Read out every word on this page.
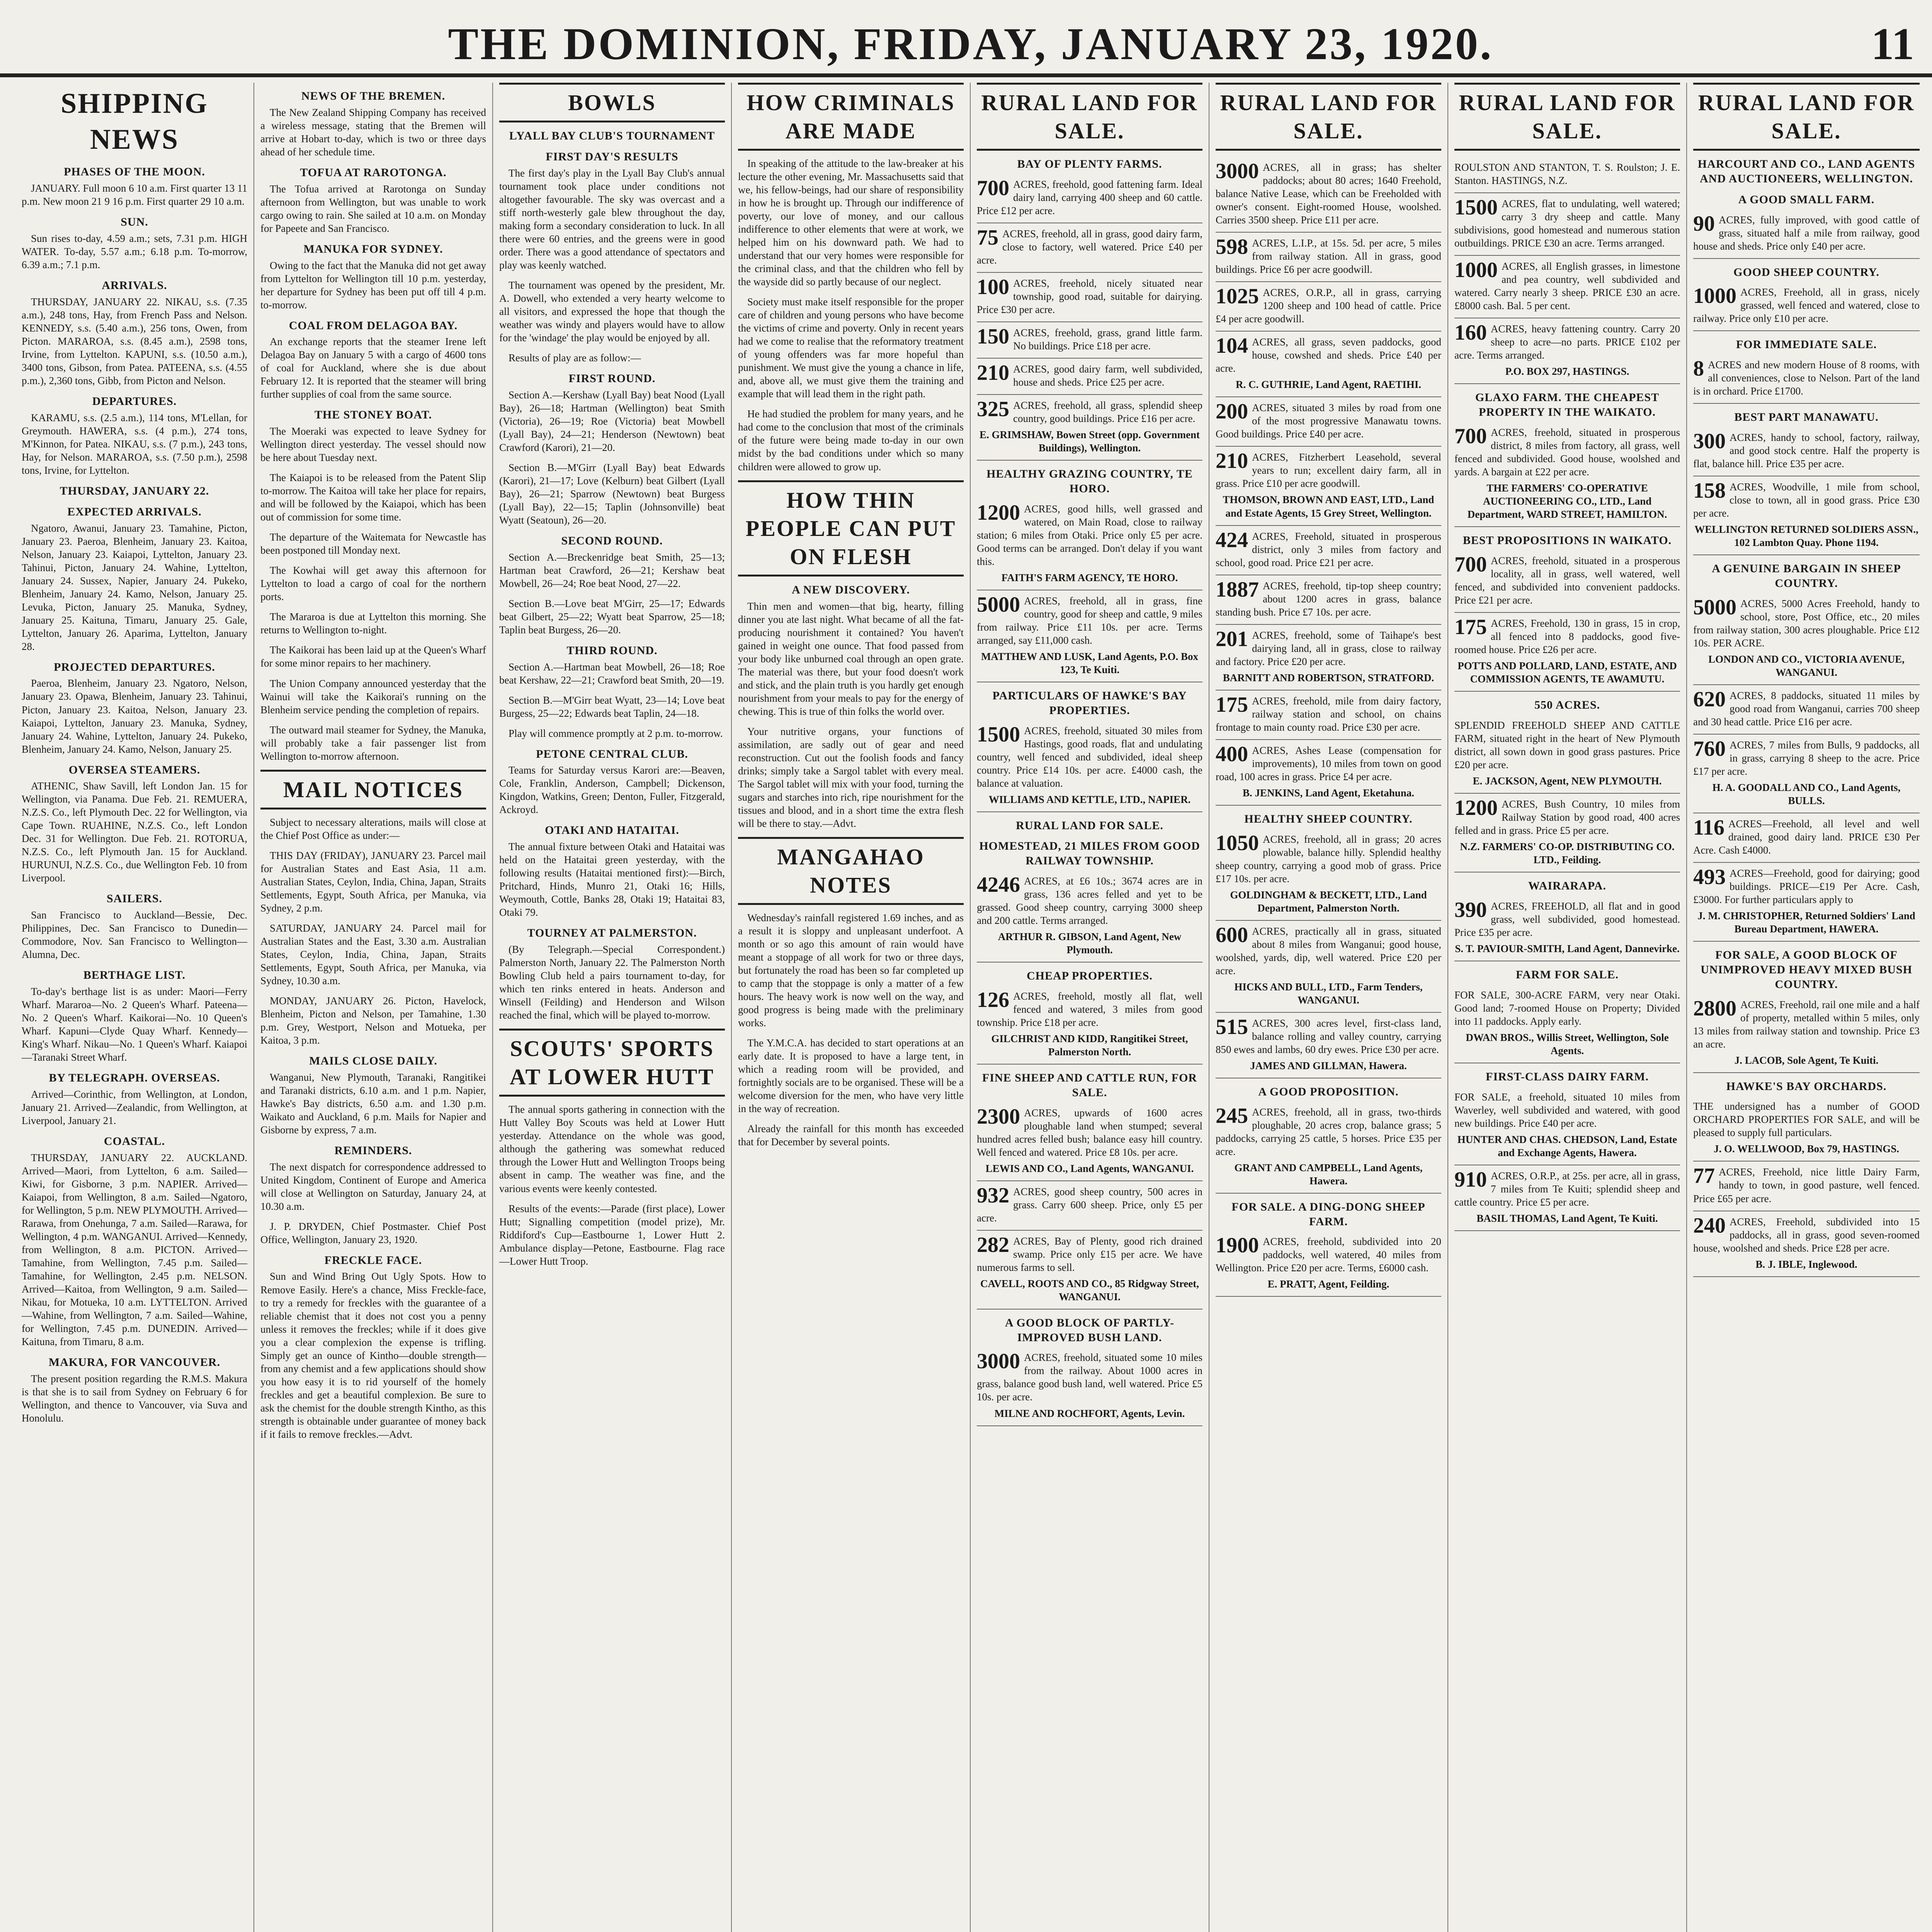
THE DOMINION, FRIDAY, JANUARY 23, 1920.	11
SHIPPING NEWS
PHASES OF THE MOON.

JANUARY. Full moon 6 10 a.m. First quarter 13 11 p.m. New moon 21 9 16 p.m. First quarter 29 10 a.m.

SUN.

Sun rises to-day, 4.59 a.m.; sets, 7.31 p.m. HIGH WATER. To-day, 5.57 a.m.; 6.18 p.m. To-morrow, 6.39 a.m.; 7.1 p.m.

ARRIVALS.

THURSDAY, JANUARY 22. NIKAU, s.s. (7.35 a.m.), 248 tons, Hay, from French Pass and Nelson. KENNEDY, s.s. (5.40 a.m.), 256 tons, Owen, from Picton. MARAROA, s.s. (8.45 a.m.), 2598 tons, Irvine, from Lyttelton. KAPUNI, s.s. (10.50 a.m.), 3400 tons, Gibson, from Patea. PATEENA, s.s. (4.55 p.m.), 2,360 tons, Gibb, from Picton and Nelson.

DEPARTURES.

KARAMU, s.s. (2.5 a.m.), 114 tons, M'Lellan, for Greymouth. HAWERA, s.s. (4 p.m.), 274 tons, M'Kinnon, for Patea. NIKAU, s.s. (7 p.m.), 243 tons, Hay, for Nelson. MARAROA, s.s. (7.50 p.m.), 2598 tons, Irvine, for Lyttelton.

THURSDAY, JANUARY 22.
EXPECTED ARRIVALS.

Ngatoro, Awanui, January 23. Tamahine, Picton, January 23. Paeroa, Blenheim, January 23. Kaitoa, Nelson, January 23. Kaiapoi, Lyttelton, January 23. Tahinui, Picton, January 24. Wahine, Lyttelton, January 24. Sussex, Napier, January 24. Pukeko, Blenheim, January 24. Kamo, Nelson, January 25. Levuka, Picton, January 25. Manuka, Sydney, January 25. Kaituna, Timaru, January 25. Gale, Lyttelton, January 26. Aparima, Lyttelton, January 28.

PROJECTED DEPARTURES.

Paeroa, Blenheim, January 23. Ngatoro, Nelson, January 23. Opawa, Blenheim, January 23. Tahinui, Picton, January 23. Kaitoa, Nelson, January 23. Kaiapoi, Lyttelton, January 23. Manuka, Sydney, January 24. Wahine, Lyttelton, January 24. Pukeko, Blenheim, January 24. Kamo, Nelson, January 25.

OVERSEA STEAMERS.

ATHENIC, Shaw Savill, left London Jan. 15 for Wellington, via Panama. Due Feb. 21. REMUERA, N.Z.S. Co., left Plymouth Dec. 22 for Wellington, via Cape Town. RUAHINE, N.Z.S. Co., left London Dec. 31 for Wellington. Due Feb. 21. ROTORUA, N.Z.S. Co., left Plymouth Jan. 15 for Auckland. HURUNUI, N.Z.S. Co., due Wellington Feb. 10 from Liverpool.

SAILERS.

San Francisco to Auckland—Bessie, Dec. Philippines, Dec. San Francisco to Dunedin—Commodore, Nov. San Francisco to Wellington—Alumna, Dec.

BERTHAGE LIST.

To-day's berthage list is as under: Maori—Ferry Wharf. Mararoa—No. 2 Queen's Wharf. Pateena—No. 2 Queen's Wharf. Kaikorai—No. 10 Queen's Wharf. Kapuni—Clyde Quay Wharf. Kennedy—King's Wharf. Nikau—No. 1 Queen's Wharf. Kaiapoi—Taranaki Street Wharf.

BY TELEGRAPH. OVERSEAS.

Arrived—Corinthic, from Wellington, at London, January 21. Arrived—Zealandic, from Wellington, at Liverpool, January 21.

COASTAL.

THURSDAY, JANUARY 22. AUCKLAND. Arrived—Maori, from Lyttelton, 6 a.m. Sailed—Kiwi, for Gisborne, 3 p.m. NAPIER. Arrived—Kaiapoi, from Wellington, 8 a.m. Sailed—Ngatoro, for Wellington, 5 p.m. NEW PLYMOUTH. Arrived—Rarawa, from Onehunga, 7 a.m. Sailed—Rarawa, for Wellington, 4 p.m. WANGANUI. Arrived—Kennedy, from Wellington, 8 a.m. PICTON. Arrived—Tamahine, from Wellington, 7.45 p.m. Sailed—Tamahine, for Wellington, 2.45 p.m. NELSON. Arrived—Kaitoa, from Wellington, 9 a.m. Sailed—Nikau, for Motueka, 10 a.m. LYTTELTON. Arrived—Wahine, from Wellington, 7 a.m. Sailed—Wahine, for Wellington, 7.45 p.m. DUNEDIN. Arrived—Kaituna, from Timaru, 8 a.m.

MAKURA, FOR VANCOUVER.

The present position regarding the R.M.S. Makura is that she is to sail from Sydney on February 6 for Wellington, and thence to Vancouver, via Suva and Honolulu.

NEWS OF THE BREMEN.

The New Zealand Shipping Company has received a wireless message, stating that the Bremen will arrive at Hobart to-day, which is two or three days ahead of her schedule time.

TOFUA AT RAROTONGA.

The Tofua arrived at Rarotonga on Sunday afternoon from Wellington, but was unable to work cargo owing to rain. She sailed at 10 a.m. on Monday for Papeete and San Francisco.

MANUKA FOR SYDNEY.

Owing to the fact that the Manuka did not get away from Lyttelton for Wellington till 10 p.m. yesterday, her departure for Sydney has been put off till 4 p.m. to-morrow.

COAL FROM DELAGOA BAY.

An exchange reports that the steamer Irene left Delagoa Bay on January 5 with a cargo of 4600 tons of coal for Auckland, where she is due about February 12. It is reported that the steamer will bring further supplies of coal from the same source.

THE STONEY BOAT.

The Moeraki was expected to leave Sydney for Wellington direct yesterday. The vessel should now be here about Tuesday next.

The Kaiapoi is to be released from the Patent Slip to-morrow. The Kaitoa will take her place for repairs, and will be followed by the Kaiapoi, which has been out of commission for some time.

The departure of the Waitemata for Newcastle has been postponed till Monday next.

The Kowhai will get away this afternoon for Lyttelton to load a cargo of coal for the northern ports.

The Mararoa is due at Lyttelton this morning. She returns to Wellington to-night.

The Kaikorai has been laid up at the Queen's Wharf for some minor repairs to her machinery.

The Union Company announced yesterday that the Wainui will take the Kaikorai's running on the Blenheim service pending the completion of repairs.

The outward mail steamer for Sydney, the Manuka, will probably take a fair passenger list from Wellington to-morrow afternoon.

MAIL NOTICES

Subject to necessary alterations, mails will close at the Chief Post Office as under:—

THIS DAY (FRIDAY), JANUARY 23. Parcel mail for Australian States and East Asia, 11 a.m. Australian States, Ceylon, India, China, Japan, Straits Settlements, Egypt, South Africa, per Manuka, via Sydney, 2 p.m.

SATURDAY, JANUARY 24. Parcel mail for Australian States and the East, 3.30 a.m. Australian States, Ceylon, India, China, Japan, Straits Settlements, Egypt, South Africa, per Manuka, via Sydney, 10.30 a.m.

MONDAY, JANUARY 26. Picton, Havelock, Blenheim, Picton and Nelson, per Tamahine, 1.30 p.m. Grey, Westport, Nelson and Motueka, per Kaitoa, 3 p.m.

MAILS CLOSE DAILY.

Wanganui, New Plymouth, Taranaki, Rangitikei and Taranaki districts, 6.10 a.m. and 1 p.m. Napier, Hawke's Bay districts, 6.50 a.m. and 1.30 p.m. Waikato and Auckland, 6 p.m. Mails for Napier and Gisborne by express, 7 a.m.

REMINDERS.

The next dispatch for correspondence addressed to United Kingdom, Continent of Europe and America will close at Wellington on Saturday, January 24, at 10.30 a.m.

J. P. DRYDEN, Chief Postmaster. Chief Post Office, Wellington, January 23, 1920.

FRECKLE FACE.

Sun and Wind Bring Out Ugly Spots. How to Remove Easily. Here's a chance, Miss Freckle-face, to try a remedy for freckles with the guarantee of a reliable chemist that it does not cost you a penny unless it removes the freckles; while if it does give you a clear complexion the expense is trifling. Simply get an ounce of Kintho—double strength—from any chemist and a few applications should show you how easy it is to rid yourself of the homely freckles and get a beautiful complexion. Be sure to ask the chemist for the double strength Kintho, as this strength is obtainable under guarantee of money back if it fails to remove freckles.—Advt.

BOWLS
LYALL BAY CLUB'S TOURNAMENT
FIRST DAY'S RESULTS

The first day's play in the Lyall Bay Club's annual tournament took place under conditions not altogether favourable. The sky was overcast and a stiff north-westerly gale blew throughout the day, making form a secondary consideration to luck. In all there were 60 entries, and the greens were in good order. There was a good attendance of spectators and play was keenly watched.

The tournament was opened by the president, Mr. A. Dowell, who extended a very hearty welcome to all visitors, and expressed the hope that though the weather was windy and players would have to allow for the 'windage' the play would be enjoyed by all.

Results of play are as follow:—

FIRST ROUND.

Section A.—Kershaw (Lyall Bay) beat Nood (Lyall Bay), 26—18; Hartman (Wellington) beat Smith (Victoria), 26—19; Roe (Victoria) beat Mowbell (Lyall Bay), 24—21; Henderson (Newtown) beat Crawford (Karori), 21—20.

Section B.—M'Girr (Lyall Bay) beat Edwards (Karori), 21—17; Love (Kelburn) beat Gilbert (Lyall Bay), 26—21; Sparrow (Newtown) beat Burgess (Lyall Bay), 22—15; Taplin (Johnsonville) beat Wyatt (Seatoun), 26—20.

SECOND ROUND.

Section A.—Breckenridge beat Smith, 25—13; Hartman beat Crawford, 26—21; Kershaw beat Mowbell, 26—24; Roe beat Nood, 27—22.

Section B.—Love beat M'Girr, 25—17; Edwards beat Gilbert, 25—22; Wyatt beat Sparrow, 25—18; Taplin beat Burgess, 26—20.

THIRD ROUND.

Section A.—Hartman beat Mowbell, 26—18; Roe beat Kershaw, 22—21; Crawford beat Smith, 20—19.

Section B.—M'Girr beat Wyatt, 23—14; Love beat Burgess, 25—22; Edwards beat Taplin, 24—18.

Play will commence promptly at 2 p.m. to-morrow.

PETONE CENTRAL CLUB.

Teams for Saturday versus Karori are:—Beaven, Cole, Franklin, Anderson, Campbell; Dickenson, Kingdon, Watkins, Green; Denton, Fuller, Fitzgerald, Ackroyd.

OTAKI AND HATAITAI.

The annual fixture between Otaki and Hataitai was held on the Hataitai green yesterday, with the following results (Hataitai mentioned first):—Birch, Pritchard, Hinds, Munro 21, Otaki 16; Hills, Weymouth, Cottle, Banks 28, Otaki 19; Hataitai 83, Otaki 79.

TOURNEY AT PALMERSTON.

(By Telegraph.—Special Correspondent.) Palmerston North, January 22. The Palmerston North Bowling Club held a pairs tournament to-day, for which ten rinks entered in heats. Anderson and Winsell (Feilding) and Henderson and Wilson reached the final, which will be played to-morrow.

SCOUTS' SPORTS AT LOWER HUTT

The annual sports gathering in connection with the Hutt Valley Boy Scouts was held at Lower Hutt yesterday. Attendance on the whole was good, although the gathering was somewhat reduced through the Lower Hutt and Wellington Troops being absent in camp. The weather was fine, and the various events were keenly contested.

Results of the events:—Parade (first place), Lower Hutt; Signalling competition (model prize), Mr. Riddiford's Cup—Eastbourne 1, Lower Hutt 2. Ambulance display—Petone, Eastbourne. Flag race—Lower Hutt Troop.

HOW CRIMINALS ARE MADE

In speaking of the attitude to the law-breaker at his lecture the other evening, Mr. Massachusetts said that we, his fellow-beings, had our share of responsibility in how he is brought up. Through our indifference of poverty, our love of money, and our callous indifference to other elements that were at work, we helped him on his downward path. We had to understand that our very homes were responsible for the criminal class, and that the children who fell by the wayside did so partly because of our neglect.

Society must make itself responsible for the proper care of children and young persons who have become the victims of crime and poverty. Only in recent years had we come to realise that the reformatory treatment of young offenders was far more hopeful than punishment. We must give the young a chance in life, and, above all, we must give them the training and example that will lead them in the right path.

He had studied the problem for many years, and he had come to the conclusion that most of the criminals of the future were being made to-day in our own midst by the bad conditions under which so many children were allowed to grow up.

HOW THIN PEOPLE CAN PUT ON FLESH
A NEW DISCOVERY.

Thin men and women—that big, hearty, filling dinner you ate last night. What became of all the fat-producing nourishment it contained? You haven't gained in weight one ounce. That food passed from your body like unburned coal through an open grate. The material was there, but your food doesn't work and stick, and the plain truth is you hardly get enough nourishment from your meals to pay for the energy of chewing. This is true of thin folks the world over.

Your nutritive organs, your functions of assimilation, are sadly out of gear and need reconstruction. Cut out the foolish foods and fancy drinks; simply take a Sargol tablet with every meal. The Sargol tablet will mix with your food, turning the sugars and starches into rich, ripe nourishment for the tissues and blood, and in a short time the extra flesh will be there to stay.—Advt.

MANGAHAO NOTES

Wednesday's rainfall registered 1.69 inches, and as a result it is sloppy and unpleasant underfoot. A month or so ago this amount of rain would have meant a stoppage of all work for two or three days, but fortunately the road has been so far completed up to camp that the stoppage is only a matter of a few hours. The heavy work is now well on the way, and good progress is being made with the preliminary works.

The Y.M.C.A. has decided to start operations at an early date. It is proposed to have a large tent, in which a reading room will be provided, and fortnightly socials are to be organised. These will be a welcome diversion for the men, who have very little in the way of recreation.

Already the rainfall for this month has exceeded that for December by several points.

RURAL LAND FOR SALE.
BAY OF PLENTY FARMS.
700 ACRES, freehold, good fattening farm. Ideal dairy land, carrying 400 sheep and 60 cattle. Price £12 per acre.
75 ACRES, freehold, all in grass, good dairy farm, close to factory, well watered. Price £40 per acre.
100 ACRES, freehold, nicely situated near township, good road, suitable for dairying. Price £30 per acre.
150 ACRES, freehold, grass, grand little farm. No buildings. Price £18 per acre.
210 ACRES, good dairy farm, well subdivided, house and sheds. Price £25 per acre.
325 ACRES, freehold, all grass, splendid sheep country, good buildings. Price £16 per acre.
E. GRIMSHAW, Bowen Street (opp. Government Buildings), Wellington.
HEALTHY GRAZING COUNTRY, TE HORO.
1200 ACRES, good hills, well grassed and watered, on Main Road, close to railway station; 6 miles from Otaki. Price only £5 per acre. Good terms can be arranged. Don't delay if you want this.
FAITH'S FARM AGENCY, TE HORO.
5000 ACRES, freehold, all in grass, fine country, good for sheep and cattle, 9 miles from railway. Price £11 10s. per acre. Terms arranged, say £11,000 cash.
MATTHEW AND LUSK, Land Agents, P.O. Box 123, Te Kuiti.
PARTICULARS OF HAWKE'S BAY PROPERTIES.
1500 ACRES, freehold, situated 30 miles from Hastings, good roads, flat and undulating country, well fenced and subdivided, ideal sheep country. Price £14 10s. per acre. £4000 cash, the balance at valuation.
WILLIAMS AND KETTLE, LTD., NAPIER.
RURAL LAND FOR SALE.
HOMESTEAD, 21 MILES FROM GOOD RAILWAY TOWNSHIP.
4246 ACRES, at £6 10s.; 3674 acres are in grass, 136 acres felled and yet to be grassed. Good sheep country, carrying 3000 sheep and 200 cattle. Terms arranged.
ARTHUR R. GIBSON, Land Agent, New Plymouth.
CHEAP PROPERTIES.
126 ACRES, freehold, mostly all flat, well fenced and watered, 3 miles from good township. Price £18 per acre.
GILCHRIST AND KIDD, Rangitikei Street, Palmerston North.
FINE SHEEP AND CATTLE RUN, FOR SALE.
2300 ACRES, upwards of 1600 acres ploughable land when stumped; several hundred acres felled bush; balance easy hill country. Well fenced and watered. Price £8 10s. per acre.
LEWIS AND CO., Land Agents, WANGANUI.
932 ACRES, good sheep country, 500 acres in grass. Carry 600 sheep. Price, only £5 per acre.
282 ACRES, Bay of Plenty, good rich drained swamp. Price only £15 per acre. We have numerous farms to sell.
CAVELL, ROOTS AND CO., 85 Ridgway Street, WANGANUI.
A GOOD BLOCK OF PARTLY-IMPROVED BUSH LAND.
3000 ACRES, freehold, situated some 10 miles from the railway. About 1000 acres in grass, balance good bush land, well watered. Price £5 10s. per acre.
MILNE AND ROCHFORT, Agents, Levin.
RURAL LAND FOR SALE.
3000 ACRES, all in grass; has shelter paddocks; about 80 acres; 1640 Freehold, balance Native Lease, which can be Freeholded with owner's consent. Eight-roomed House, woolshed. Carries 3500 sheep. Price £11 per acre.
598 ACRES, L.I.P., at 15s. 5d. per acre, 5 miles from railway station. All in grass, good buildings. Price £6 per acre goodwill.
1025 ACRES, O.R.P., all in grass, carrying 1200 sheep and 100 head of cattle. Price £4 per acre goodwill.
104 ACRES, all grass, seven paddocks, good house, cowshed and sheds. Price £40 per acre.
R. C. GUTHRIE, Land Agent, RAETIHI.
200 ACRES, situated 3 miles by road from one of the most progressive Manawatu towns. Good buildings. Price £40 per acre.
210 ACRES, Fitzherbert Leasehold, several years to run; excellent dairy farm, all in grass. Price £10 per acre goodwill.
THOMSON, BROWN AND EAST, LTD., Land and Estate Agents, 15 Grey Street, Wellington.
424 ACRES, Freehold, situated in prosperous district, only 3 miles from factory and school, good road. Price £21 per acre.
1887 ACRES, freehold, tip-top sheep country; about 1200 acres in grass, balance standing bush. Price £7 10s. per acre.
201 ACRES, freehold, some of Taihape's best dairying land, all in grass, close to railway and factory. Price £20 per acre.
BARNITT AND ROBERTSON, STRATFORD.
175 ACRES, freehold, mile from dairy factory, railway station and school, on chains frontage to main county road. Price £30 per acre.
400 ACRES, Ashes Lease (compensation for improvements), 10 miles from town on good road, 100 acres in grass. Price £4 per acre.
B. JENKINS, Land Agent, Eketahuna.
HEALTHY SHEEP COUNTRY.
1050 ACRES, freehold, all in grass; 20 acres plowable, balance hilly. Splendid healthy sheep country, carrying a good mob of grass. Price £17 10s. per acre.
GOLDINGHAM & BECKETT, LTD., Land Department, Palmerston North.
600 ACRES, practically all in grass, situated about 8 miles from Wanganui; good house, woolshed, yards, dip, well watered. Price £20 per acre.
HICKS AND BULL, LTD., Farm Tenders, WANGANUI.
515 ACRES, 300 acres level, first-class land, balance rolling and valley country, carrying 850 ewes and lambs, 60 dry ewes. Price £30 per acre.
JAMES AND GILLMAN, Hawera.
A GOOD PROPOSITION.
245 ACRES, freehold, all in grass, two-thirds ploughable, 20 acres crop, balance grass; 5 paddocks, carrying 25 cattle, 5 horses. Price £35 per acre.
GRANT AND CAMPBELL, Land Agents, Hawera.
FOR SALE. A DING-DONG SHEEP FARM.
1900 ACRES, freehold, subdivided into 20 paddocks, well watered, 40 miles from Wellington. Price £20 per acre. Terms, £6000 cash.
E. PRATT, Agent, Feilding.
RURAL LAND FOR SALE.
ROULSTON AND STANTON, T. S. Roulston; J. E. Stanton. HASTINGS, N.Z.
1500 ACRES, flat to undulating, well watered; carry 3 dry sheep and cattle. Many subdivisions, good homestead and numerous station outbuildings. PRICE £30 an acre. Terms arranged.
1000 ACRES, all English grasses, in limestone and pea country, well subdivided and watered. Carry nearly 3 sheep. PRICE £30 an acre. £8000 cash. Bal. 5 per cent.
160 ACRES, heavy fattening country. Carry 20 sheep to acre—no parts. PRICE £102 per acre. Terms arranged.
P.O. BOX 297, HASTINGS.
GLAXO FARM. THE CHEAPEST PROPERTY IN THE WAIKATO.
700 ACRES, freehold, situated in prosperous district, 8 miles from factory, all grass, well fenced and subdivided. Good house, woolshed and yards. A bargain at £22 per acre.
THE FARMERS' CO-OPERATIVE AUCTIONEERING CO., LTD., Land Department, WARD STREET, HAMILTON.
BEST PROPOSITIONS IN WAIKATO.
700 ACRES, freehold, situated in a prosperous locality, all in grass, well watered, well fenced, and subdivided into convenient paddocks. Price £21 per acre.
175 ACRES, Freehold, 130 in grass, 15 in crop, all fenced into 8 paddocks, good five-roomed house. Price £26 per acre.
POTTS AND POLLARD, LAND, ESTATE, AND COMMISSION AGENTS, TE AWAMUTU.
550 ACRES.
SPLENDID FREEHOLD SHEEP AND CATTLE FARM, situated right in the heart of New Plymouth district, all sown down in good grass pastures. Price £20 per acre.
E. JACKSON, Agent, NEW PLYMOUTH.
1200 ACRES, Bush Country, 10 miles from Railway Station by good road, 400 acres felled and in grass. Price £5 per acre.
N.Z. FARMERS' CO-OP. DISTRIBUTING CO. LTD., Feilding.
WAIRARAPA.
390 ACRES, FREEHOLD, all flat and in good grass, well subdivided, good homestead. Price £35 per acre.
S. T. PAVIOUR-SMITH, Land Agent, Dannevirke.
FARM FOR SALE.
FOR SALE, 300-ACRE FARM, very near Otaki. Good land; 7-roomed House on Property; Divided into 11 paddocks. Apply early.
DWAN BROS., Willis Street, Wellington, Sole Agents.
FIRST-CLASS DAIRY FARM.
FOR SALE, a freehold, situated 10 miles from Waverley, well subdivided and watered, with good new buildings. Price £40 per acre.
HUNTER AND CHAS. CHEDSON, Land, Estate and Exchange Agents, Hawera.
910 ACRES, O.R.P., at 25s. per acre, all in grass, 7 miles from Te Kuiti; splendid sheep and cattle country. Price £5 per acre.
BASIL THOMAS, Land Agent, Te Kuiti.
RURAL LAND FOR SALE.
HARCOURT AND CO., LAND AGENTS AND AUCTIONEERS, WELLINGTON.
A GOOD SMALL FARM.
90 ACRES, fully improved, with good cattle of grass, situated half a mile from railway, good house and sheds. Price only £40 per acre.
GOOD SHEEP COUNTRY.
1000 ACRES, Freehold, all in grass, nicely grassed, well fenced and watered, close to railway. Price only £10 per acre.
FOR IMMEDIATE SALE.
8 ACRES and new modern House of 8 rooms, with all conveniences, close to Nelson. Part of the land is in orchard. Price £1700.
BEST PART MANAWATU.
300 ACRES, handy to school, factory, railway, and good stock centre. Half the property is flat, balance hill. Price £35 per acre.
158 ACRES, Woodville, 1 mile from school, close to town, all in good grass. Price £30 per acre.
WELLINGTON RETURNED SOLDIERS ASSN., 102 Lambton Quay. Phone 1194.
A GENUINE BARGAIN IN SHEEP COUNTRY.
5000 ACRES, 5000 Acres Freehold, handy to school, store, Post Office, etc., 20 miles from railway station, 300 acres ploughable. Price £12 10s. PER ACRE.
LONDON AND CO., VICTORIA AVENUE, WANGANUI.
620 ACRES, 8 paddocks, situated 11 miles by good road from Wanganui, carries 700 sheep and 30 head cattle. Price £16 per acre.
760 ACRES, 7 miles from Bulls, 9 paddocks, all in grass, carrying 8 sheep to the acre. Price £17 per acre.
H. A. GOODALL AND CO., Land Agents, BULLS.
116 ACRES—Freehold, all level and well drained, good dairy land. PRICE £30 Per Acre. Cash £4000.
493 ACRES—Freehold, good for dairying; good buildings. PRICE—£19 Per Acre. Cash, £3000. For further particulars apply to
J. M. CHRISTOPHER, Returned Soldiers' Land Bureau Department, HAWERA.
FOR SALE, A GOOD BLOCK OF UNIMPROVED HEAVY MIXED BUSH COUNTRY.
2800 ACRES, Freehold, rail one mile and a half of property, metalled within 5 miles, only 13 miles from railway station and township. Price £3 an acre.
J. LACOB, Sole Agent, Te Kuiti.
HAWKE'S BAY ORCHARDS.
THE undersigned has a number of GOOD ORCHARD PROPERTIES FOR SALE, and will be pleased to supply full particulars.
J. O. WELLWOOD, Box 79, HASTINGS.
77 ACRES, Freehold, nice little Dairy Farm, handy to town, in good pasture, well fenced. Price £65 per acre.
240 ACRES, Freehold, subdivided into 15 paddocks, all in grass, good seven-roomed house, woolshed and sheds. Price £28 per acre.
B. J. IBLE, Inglewood.
